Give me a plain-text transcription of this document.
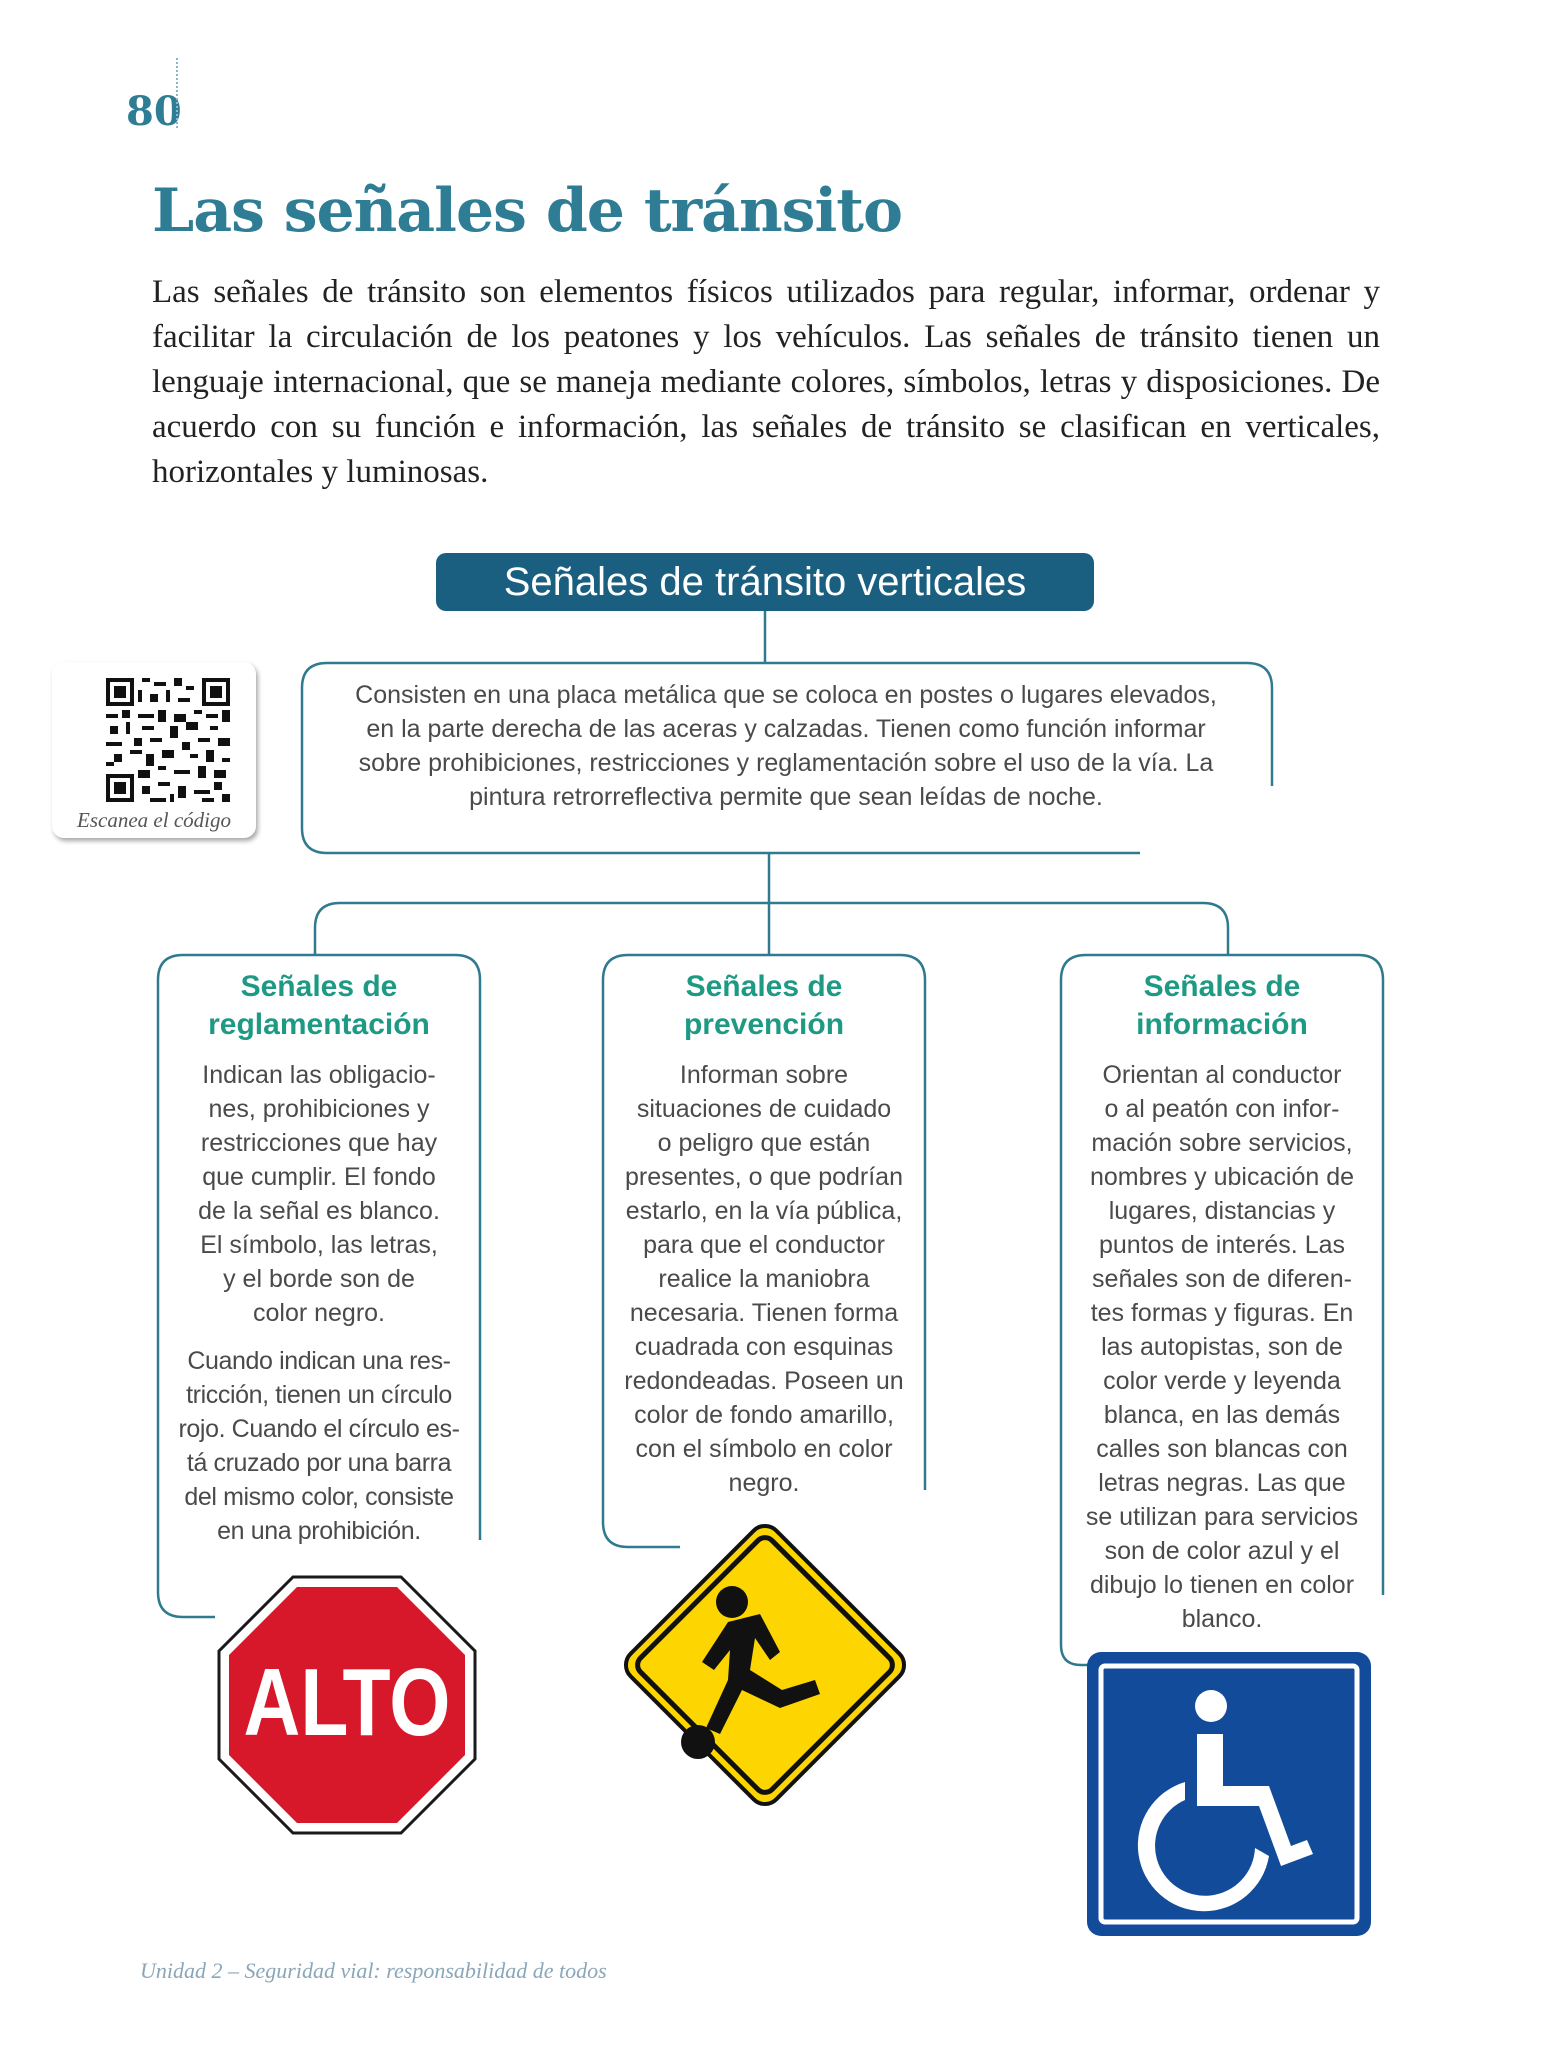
80
Las señales de tránsito
Las señales de tránsito son elementos físicos utilizados para regular, informar, ordenar y facilitar la circulación de los peatones y los vehículos. Las señales de tránsito tienen un lenguaje internacional, que se maneja mediante colores, símbolos, letras y disposiciones. De acuerdo con su función e información, las señales de tránsito se clasifican en verticales, horizontales y luminosas.
Señales de tránsito verticales
Consisten en una placa metálica que se coloca en postes o lugares elevados,
en la parte derecha de las aceras y calzadas. Tienen como función informar
sobre prohibiciones, restricciones y reglamentación sobre el uso de la vía. La
pintura retrorreflectiva permite que sean leídas de noche.
Escanea el código
Señales de
reglamentación
Indican las obligacio-
nes, prohibiciones y
restricciones que hay
que cumplir. El fondo
de la señal es blanco.
El símbolo, las letras,
y el borde son de
color negro.
Cuando indican una res-
tricción, tienen un círculo
rojo. Cuando el círculo es-
tá cruzado por una barra
del mismo color, consiste
en una prohibición.
Señales de
prevención
Informan sobre
situaciones de cuidado
o peligro que están
presentes, o que podrían
estarlo, en la vía pública,
para que el conductor
realice la maniobra
necesaria. Tienen forma
cuadrada con esquinas
redondeadas. Poseen un
color de fondo amarillo,
con el símbolo en color
negro.
Señales de
información
Orientan al conductor
o al peatón con infor-
mación sobre servicios,
nombres y ubicación de
lugares, distancias y
puntos de interés. Las
señales son de diferen-
tes formas y figuras. En
las autopistas, son de
color verde y leyenda
blanca, en las demás
calles son blancas con
letras negras. Las que
se utilizan para servicios
son de color azul y el
dibujo lo tienen en color
blanco.
ALTO
Unidad 2 – Seguridad vial: responsabilidad de todos
